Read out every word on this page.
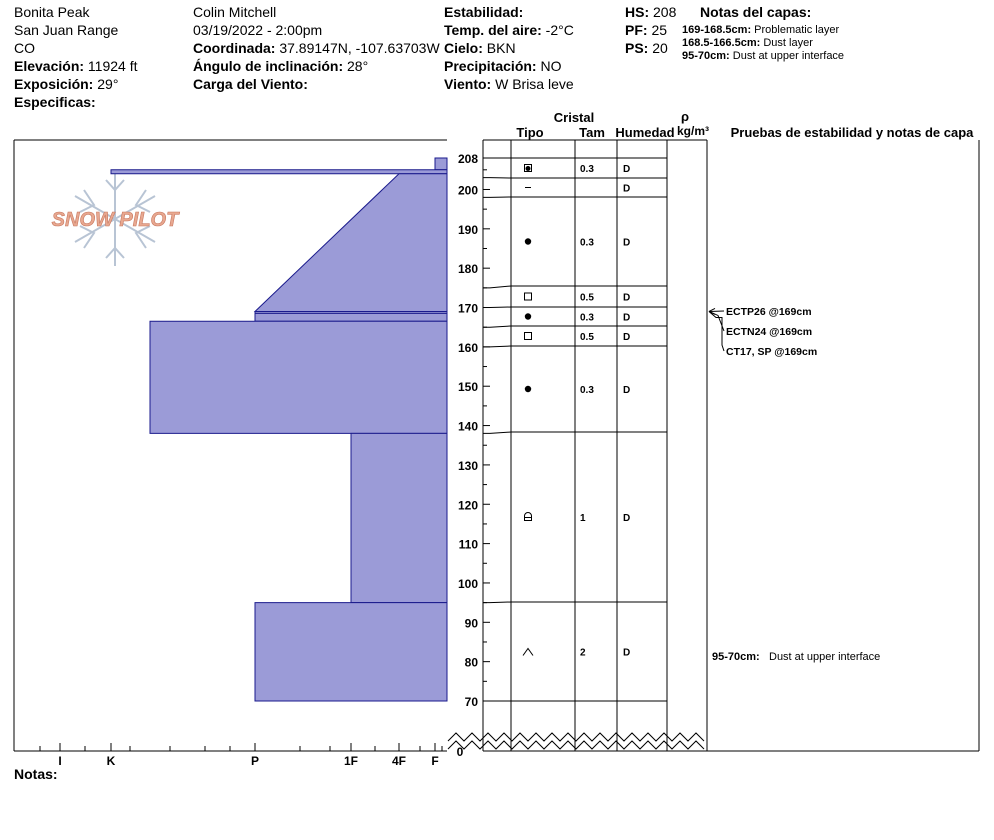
Bonita Peak
San Juan Range
CO
Elevación: 11924 ft
Exposición: 29°
Especificas:
Colin Mitchell
03/19/2022 - 2:00pm
Coordinada: 37.89147N, -107.63703W
Ángulo de inclinación: 28°
Carga del Viento:
Estabilidad:
Temp. del aire: -2°C
Cielo: BKN
Precipitación: NO
Viento: W Brisa leve
HS: 208
PF: 25
PS: 20
Notas del capas:
169-168.5cm: Problematic layer
168.5-166.5cm: Dust layer
95-70cm: Dust at upper interface
SNOW PILOT
I	K	P	1F	4F F
70
80
90
100
110
120
130
140
150
160
170
180
190
200
208
0
0.3	D
D
0.3	D
0.5	D
0.3	D
0.5	D
0.3	D
1	D
2	D
Cristal
Tipo	Tam Humedad
ρ
kg/m³ Pruebas de estabilidad y notas de capa
ECTP26 @169cm
ECTN24 @169cm
CT17, SP @169cm
95-70cm: Dust at upper interface
Notas:
